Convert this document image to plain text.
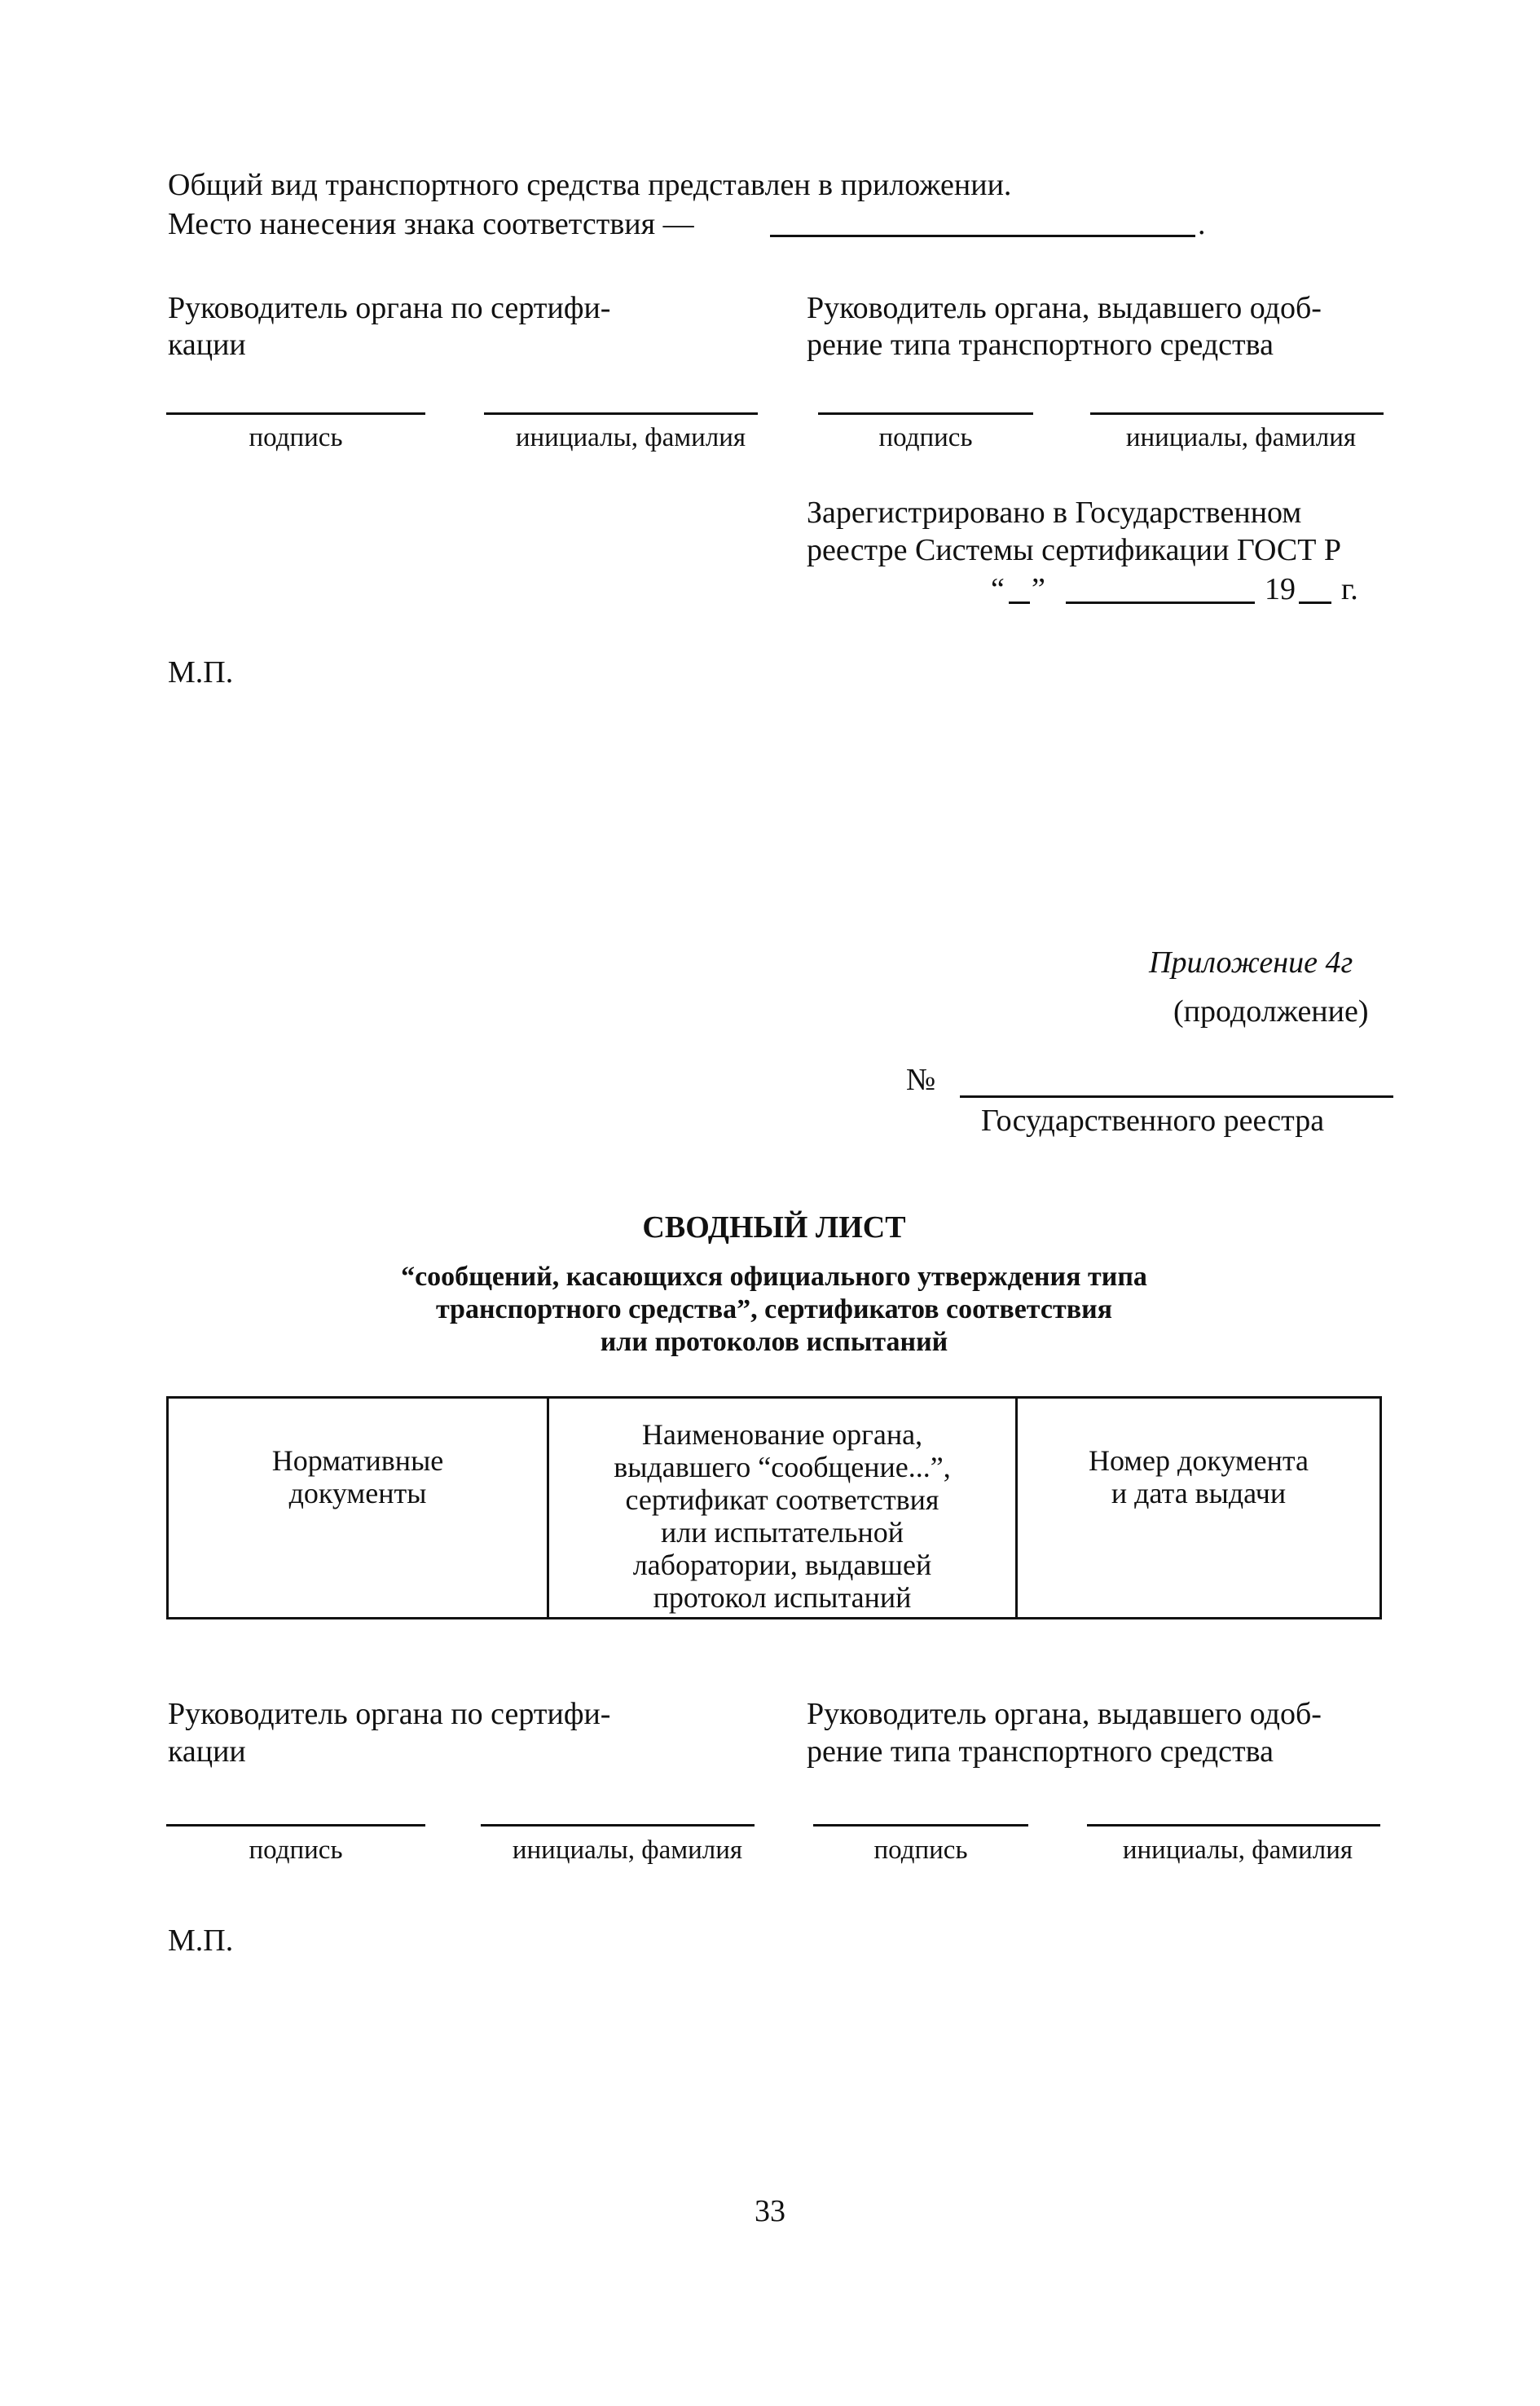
Общий вид транспортного средства представлен в приложении.
Место нанесения знака соответствия —	.
Руководитель органа по сертифи-
кации
Руководитель органа, выдавшего одоб-
рение типа транспортного средства
подпись	инициалы, фамилия	подпись	инициалы, фамилия
Зарегистрировано в Государственном
реестре Системы сертификации ГОСТ Р
“ ”	19 г.
М.П.
Приложение 4г
(продолжение)
№
Государственного реестра
СВОДНЫЙ ЛИСТ
“сообщений, касающихся официального утверждения типа
транспортного средства”, сертификатов соответствия
или протоколов испытаний
Нормативные
документы

Наименование органа,
выдавшего “сообщение...”,
сертификат соответствия
или испытательной
лаборатории, выдавшей
протокол испытаний

Номер документа
и дата выдачи
Руководитель органа по сертифи-
кации
Руководитель органа, выдавшего одоб-
рение типа транспортного средства
подпись	инициалы, фамилия	подпись	инициалы, фамилия
М.П.
33
